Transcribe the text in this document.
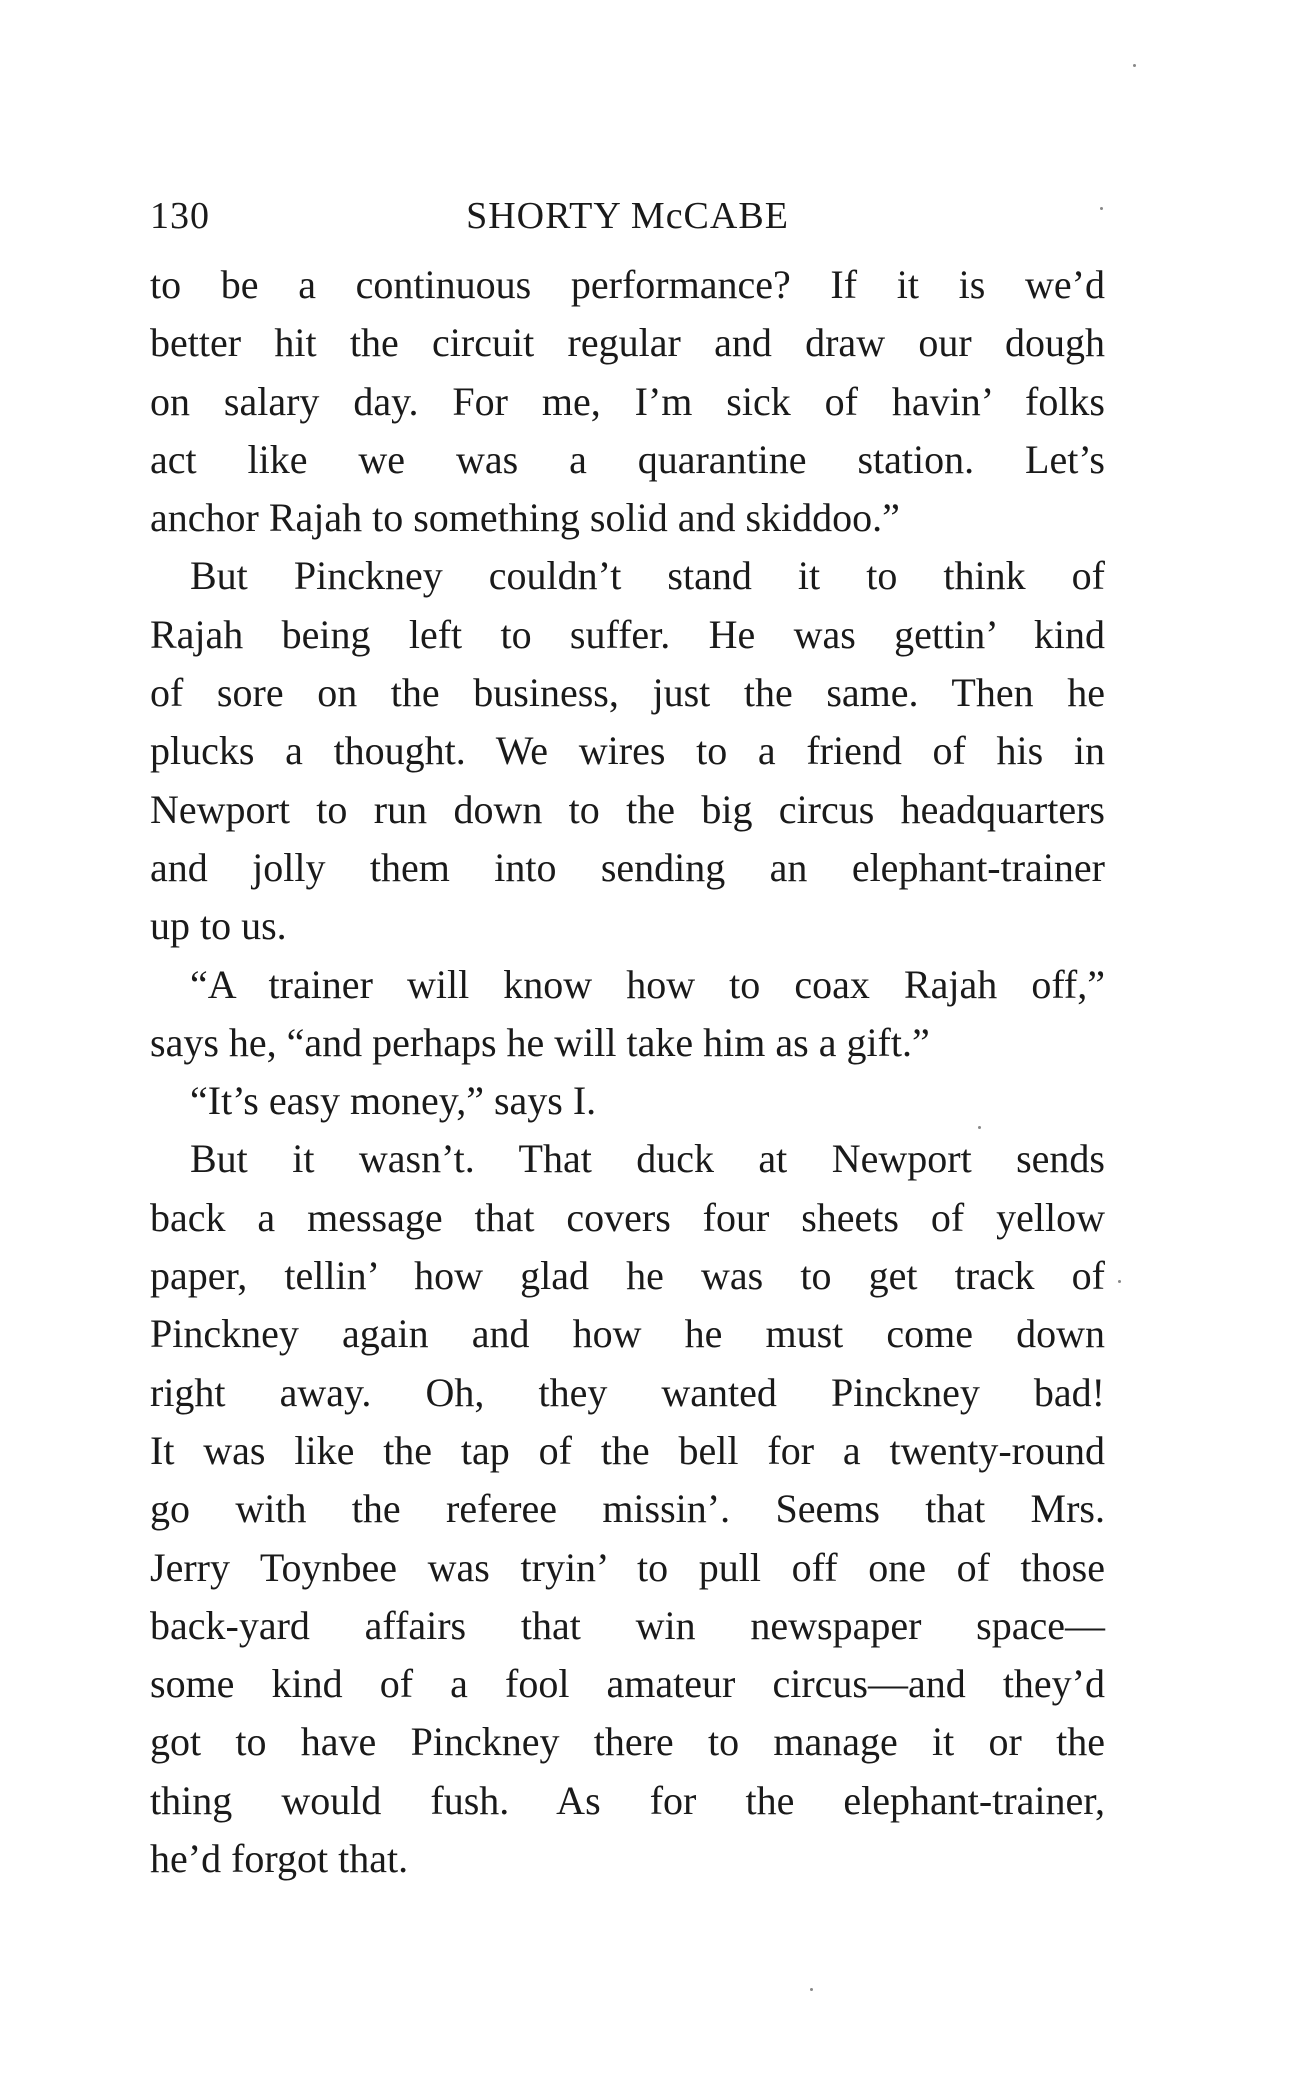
130	SHORTY McCABE
to be a continuous performance? If it is we’d
better hit the circuit regular and draw our dough
on salary day. For me, I’m sick of havin’ folks
act like we was a quarantine station. Let’s
anchor Rajah to something solid and skiddoo.”
But Pinckney couldn’t stand it to think of
Rajah being left to suffer. He was gettin’ kind
of sore on the business, just the same. Then he
plucks a thought. We wires to a friend of his in
Newport to run down to the big circus headquarters
and jolly them into sending an elephant-trainer
up to us.
“A trainer will know how to coax Rajah off,”
says he, “and perhaps he will take him as a gift.”
“It’s easy money,” says I.
But it wasn’t. That duck at Newport sends
back a message that covers four sheets of yellow
paper, tellin’ how glad he was to get track of
Pinckney again and how he must come down
right away. Oh, they wanted Pinckney bad!
It was like the tap of the bell for a twenty-round
go with the referee missin’. Seems that Mrs.
Jerry Toynbee was tryin’ to pull off one of those
back-yard affairs that win newspaper space—
some kind of a fool amateur circus—and they’d
got to have Pinckney there to manage it or the
thing would fush. As for the elephant-trainer,
he’d forgot that.
